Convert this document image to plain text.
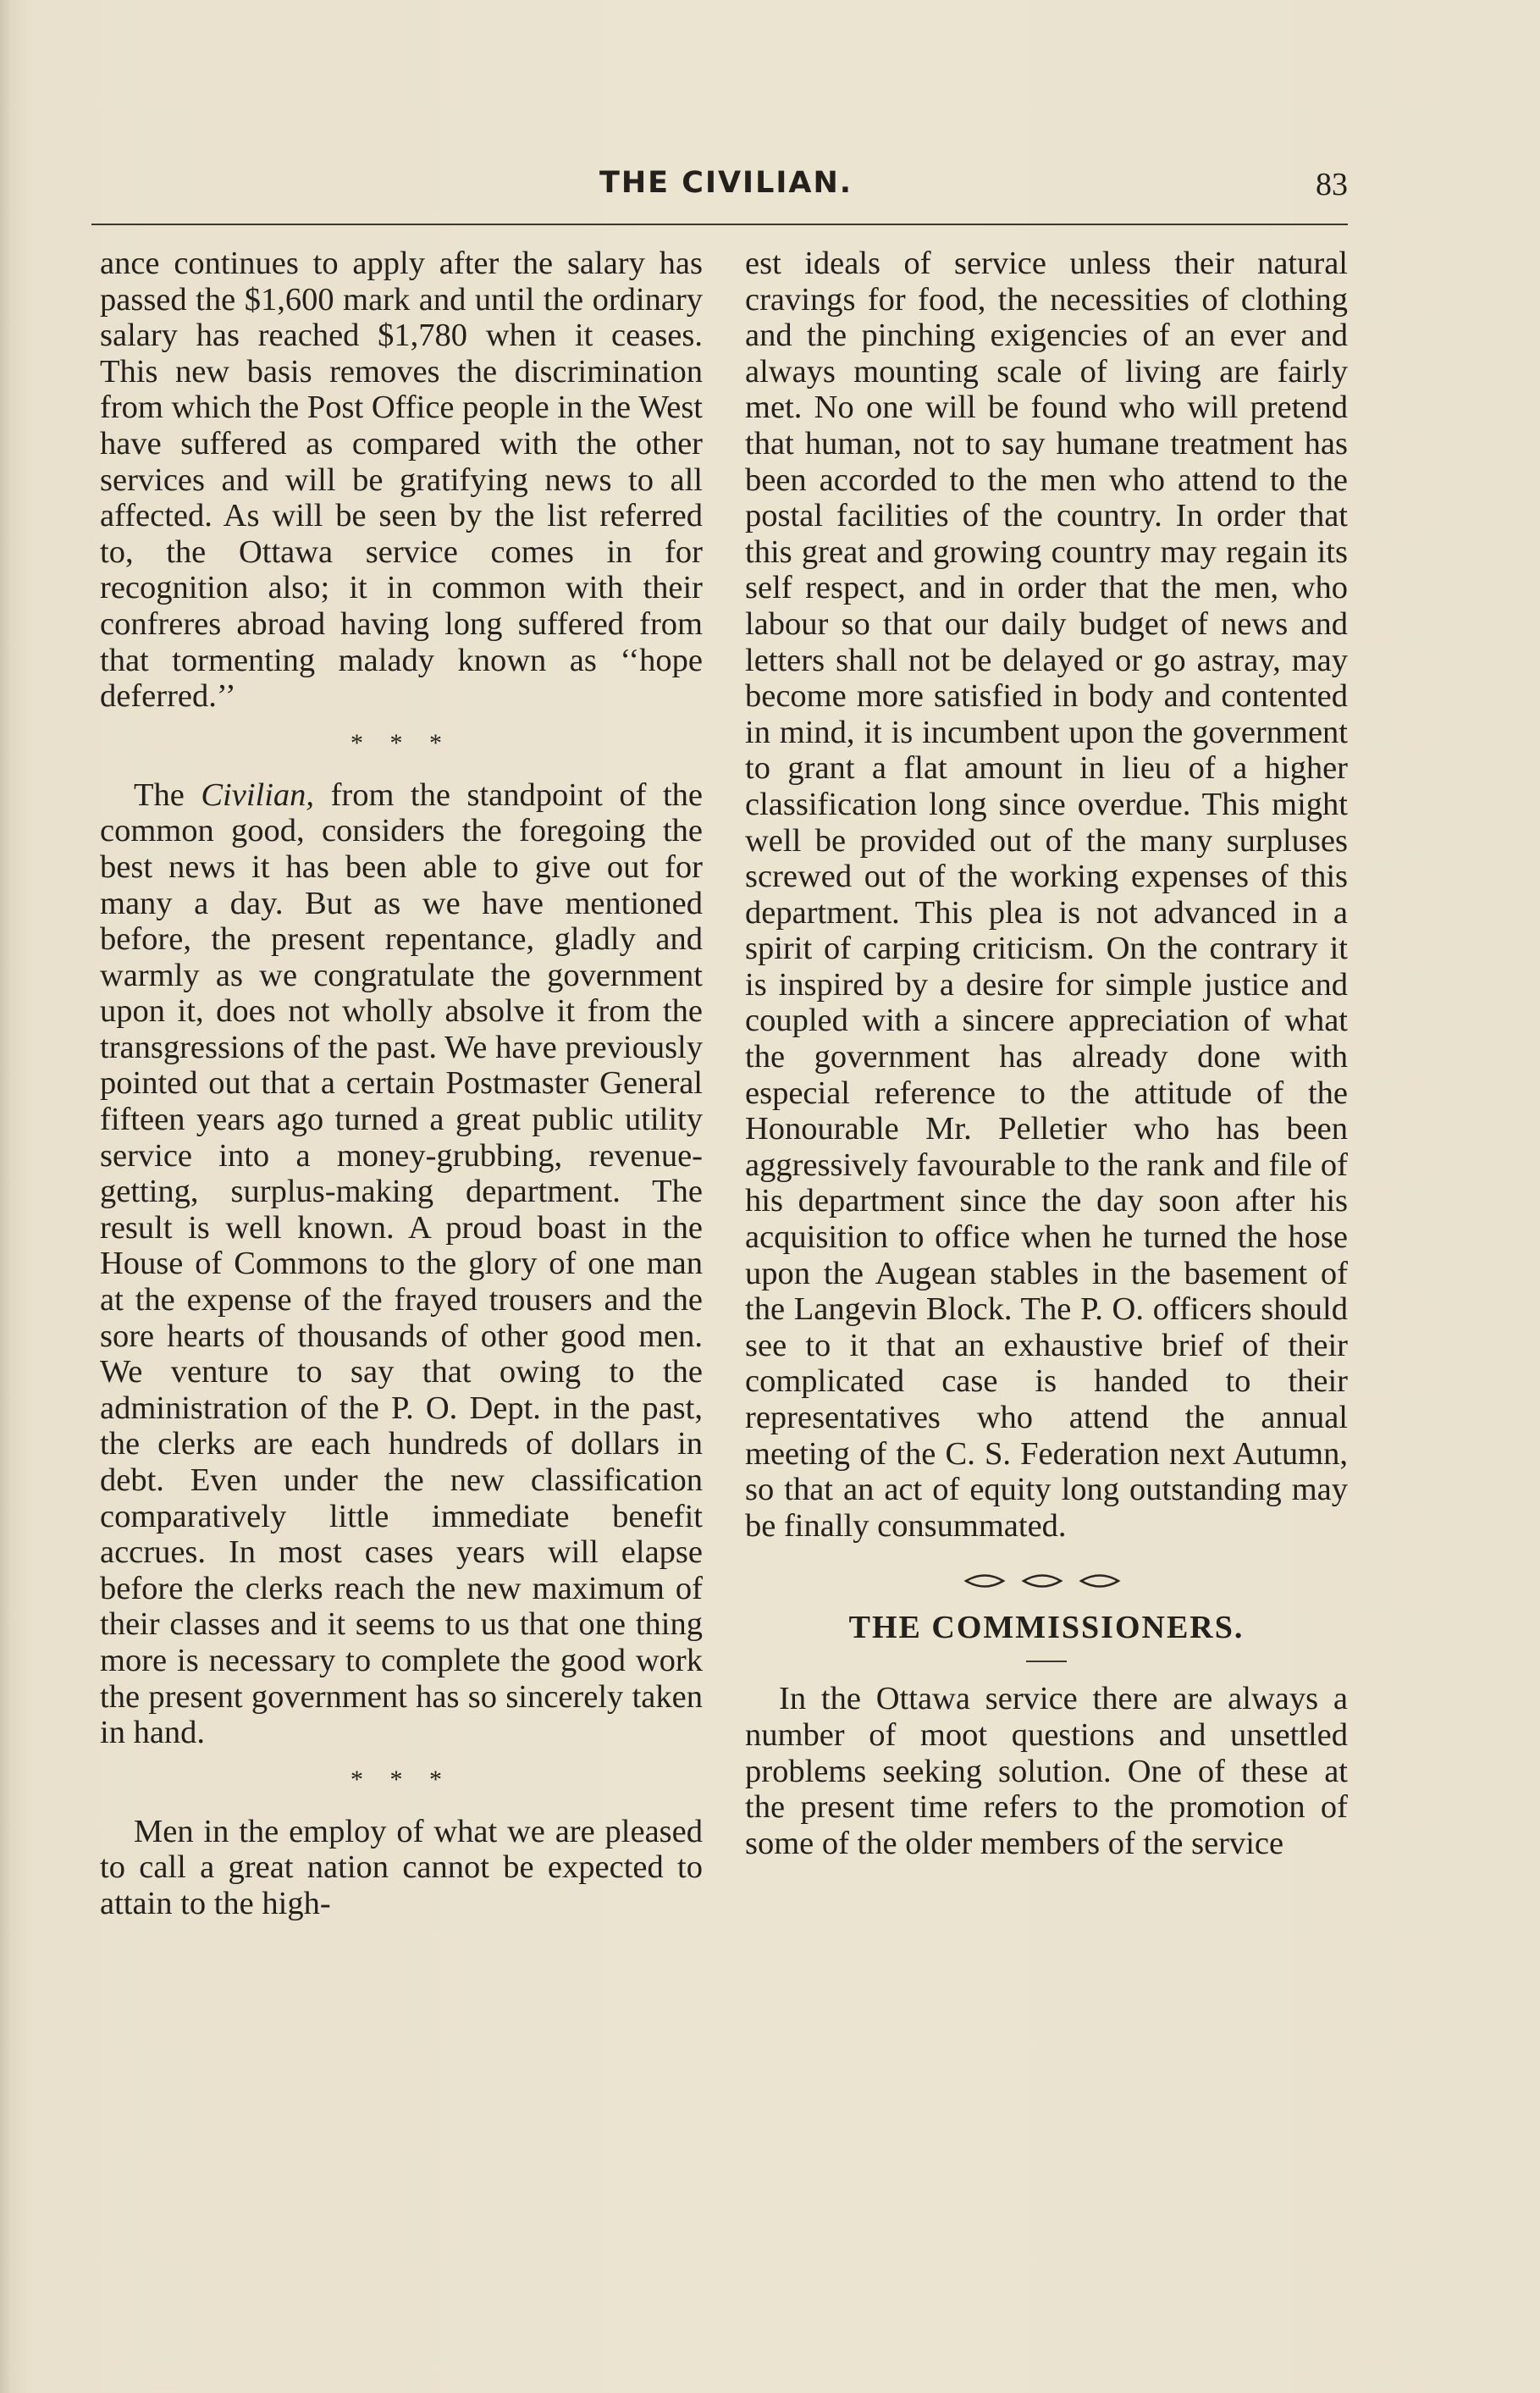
THE CIVILIAN.	83

ance continues to apply after the salary has passed the $1,600 mark and until the ordinary salary has reached $1,780 when it ceases. This new basis removes the discrimination from which the Post Office people in the West have suffered as compared with the other services and will be gratifying news to all affected. As will be seen by the list referred to, the Ottawa service comes in for recognition also; it in common with their confreres abroad having long suffered from that tormenting malady known as ‘‘hope deferred.’’

* * *

The Civilian, from the standpoint of the common good, considers the foregoing the best news it has been able to give out for many a day. But as we have mentioned before, the present repentance, gladly and warmly as we congratulate the government upon it, does not wholly absolve it from the transgressions of the past. We have previously pointed out that a certain Postmaster General fifteen years ago turned a great public utility service into a money-grubbing, revenue-getting, surplus-making department. The result is well known. A proud boast in the House of Commons to the glory of one man at the expense of the frayed trousers and the sore hearts of thousands of other good men. We venture to say that owing to the administration of the P. O. Dept. in the past, the clerks are each hundreds of dollars in debt. Even under the new classification comparatively little immediate benefit accrues. In most cases years will elapse before the clerks reach the new maximum of their classes and it seems to us that one thing more is necessary to complete the good work the present government has so sincerely taken in hand.

* * *

Men in the employ of what we are pleased to call a great nation cannot be expected to attain to the high-

est ideals of service unless their natural cravings for food, the necessities of clothing and the pinching exigencies of an ever and always mounting scale of living are fairly met. No one will be found who will pretend that human, not to say humane treatment has been accorded to the men who attend to the postal facilities of the country. In order that this great and growing country may regain its self respect, and in order that the men, who labour so that our daily budget of news and letters shall not be delayed or go astray, may become more satisfied in body and contented in mind, it is incumbent upon the government to grant a flat amount in lieu of a higher classification long since overdue. This might well be provided out of the many surpluses screwed out of the working expenses of this department. This plea is not advanced in a spirit of carping criticism. On the contrary it is inspired by a desire for simple justice and coupled with a sincere appreciation of what the government has already done with especial reference to the attitude of the Honourable Mr. Pelletier who has been aggressively favourable to the rank and file of his department since the day soon after his acquisition to office when he turned the hose upon the Augean stables in the basement of the Langevin Block. The P. O. officers should see to it that an exhaustive brief of their complicated case is handed to their representatives who attend the annual meeting of the C. S. Federation next Autumn, so that an act of equity long outstanding may be finally consummated.

THE COMMISSIONERS.

In the Ottawa service there are always a number of moot questions and unsettled problems seeking solution. One of these at the present time refers to the promotion of some of the older members of the service
